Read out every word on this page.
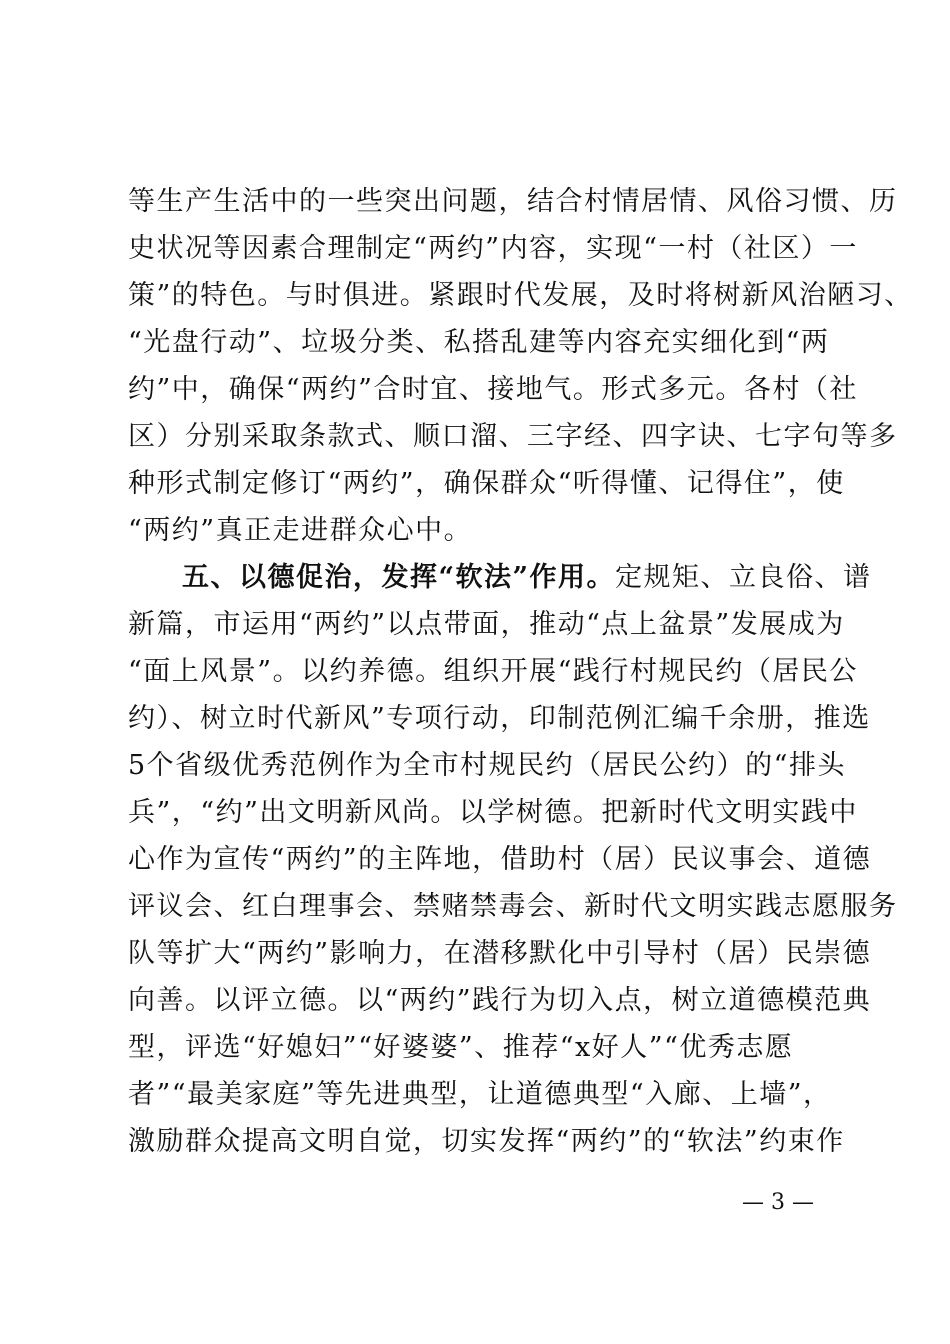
等生产生活中的一些突出问题，结合村情居情、风俗习惯、历

史状况等因素合理制定“两约”内容，实现“一村（社区）一

策”的特色。与时俱进。紧跟时代发展，及时将树新风治陋习、

“光盘行动”、垃圾分类、私搭乱建等内容充实细化到“两

约”中，确保“两约”合时宜、接地气。形式多元。各村（社

区）分别采取条款式、顺口溜、三字经、四字诀、七字句等多

种形式制定修订“两约”，确保群众“听得懂、记得住”，使

“两约”真正走进群众心中。

五、以德促治，发挥“软法”作用。定规矩、立良俗、谱

新篇，市运用“两约”以点带面，推动“点上盆景”发展成为

“面上风景”。以约养德。组织开展“践行村规民约（居民公

约）、树立时代新风”专项行动，印制范例汇编千余册，推选

5个省级优秀范例作为全市村规民约（居民公约）的“排头

兵”，“约”出文明新风尚。以学树德。把新时代文明实践中

心作为宣传“两约”的主阵地，借助村（居）民议事会、道德

评议会、红白理事会、禁赌禁毒会、新时代文明实践志愿服务

队等扩大“两约”影响力，在潜移默化中引导村（居）民崇德

向善。以评立德。以“两约”践行为切入点，树立道德模范典

型，评选“好媳妇”“好婆婆”、推荐“x好人”“优秀志愿

者”“最美家庭”等先进典型，让道德典型“入廊、上墙”，

激励群众提高文明自觉，切实发挥“两约”的“软法”约束作

— 3 —
